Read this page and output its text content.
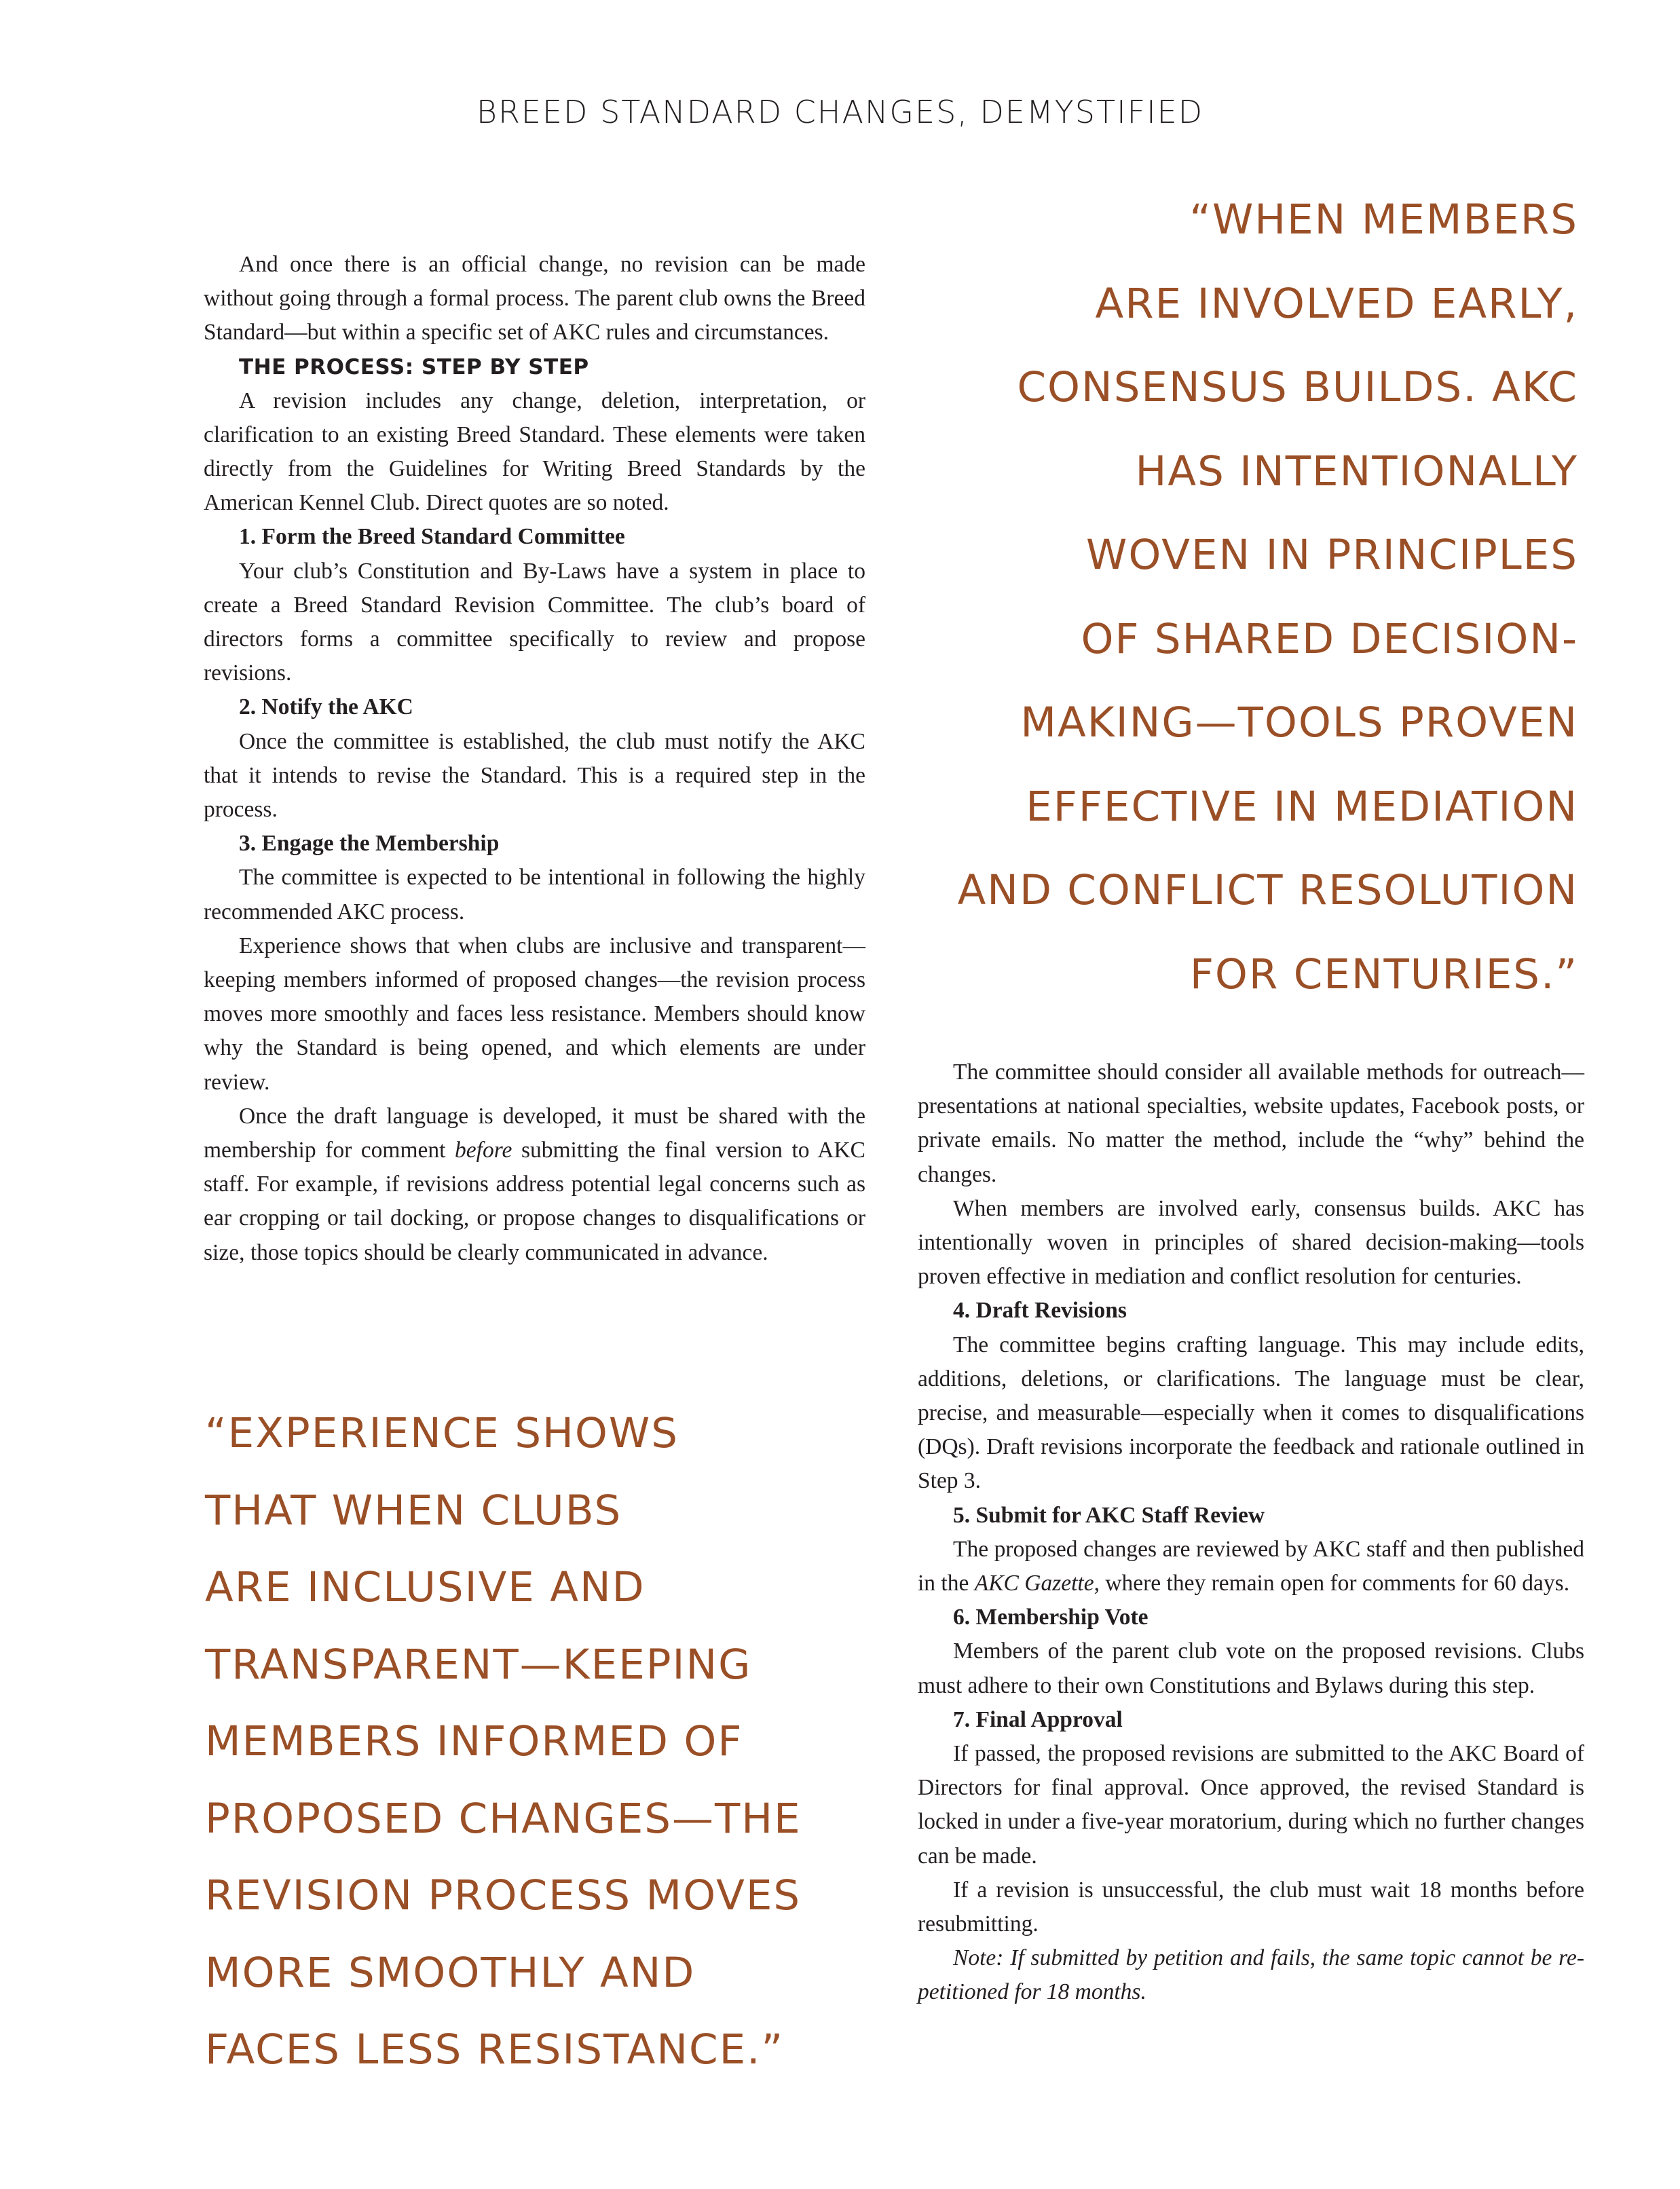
BREED STANDARD CHANGES, DEMYSTIFIED

And once there is an official change, no revision can be made without going through a formal process. The parent club owns the Breed Standard—but within a specific set of AKC rules and circumstances.

THE PROCESS: STEP BY STEP

A revision includes any change, deletion, interpretation, or clarification to an existing Breed Standard. These elements were taken directly from the Guidelines for Writing Breed Standards by the American Kennel Club. Direct quotes are so noted.

1. Form the Breed Standard Committee

Your club’s Constitution and By-Laws have a system in place to create a Breed Standard Revision Committee. The club’s board of directors forms a committee specifically to review and propose revisions.

2. Notify the AKC

Once the committee is established, the club must notify the AKC that it intends to revise the Standard. This is a required step in the process.

3. Engage the Membership

The committee is expected to be intentional in following the highly recommended AKC process.

Experience shows that when clubs are inclusive and transparent—keeping members informed of proposed changes—the revision process moves more smoothly and faces less resistance. Members should know why the Standard is being opened, and which elements are under review.

Once the draft language is developed, it must be shared with the membership for comment before submitting the final version to AKC staff. For example, if revisions address potential legal concerns such as ear cropping or tail docking, or propose changes to disqualifications or size, those topics should be clearly communicated in advance.

“WHEN MEMBERS
ARE INVOLVED EARLY,
CONSENSUS BUILDS. AKC
HAS INTENTIONALLY
WOVEN IN PRINCIPLES
OF SHARED DECISION-
MAKING—TOOLS PROVEN
EFFECTIVE IN MEDIATION
AND CONFLICT RESOLUTION
FOR CENTURIES.”

The committee should consider all available methods for outreach—presentations at national specialties, website updates, Facebook posts, or private emails. No matter the method, include the “why” behind the changes.

When members are involved early, consensus builds. AKC has intentionally woven in principles of shared decision-making—tools proven effective in mediation and conflict resolution for centuries.

4. Draft Revisions

The committee begins crafting language. This may include edits, additions, deletions, or clarifications. The language must be clear, precise, and measurable—especially when it comes to disqualifications (DQs). Draft revisions incorporate the feedback and rationale outlined in Step 3.

5. Submit for AKC Staff Review

The proposed changes are reviewed by AKC staff and then published in the AKC Gazette, where they remain open for comments for 60 days.

6. Membership Vote

Members of the parent club vote on the proposed revisions. Clubs must adhere to their own Constitutions and Bylaws during this step.

7. Final Approval

If passed, the proposed revisions are submitted to the AKC Board of Directors for final approval. Once approved, the revised Standard is locked in under a five-year moratorium, during which no further changes can be made.

If a revision is unsuccessful, the club must wait 18 months before resubmitting.

Note: If submitted by petition and fails, the same topic cannot be re-petitioned for 18 months.

“EXPERIENCE SHOWS
THAT WHEN CLUBS
ARE INCLUSIVE AND
TRANSPARENT—KEEPING
MEMBERS INFORMED OF
PROPOSED CHANGES—THE
REVISION PROCESS MOVES
MORE SMOOTHLY AND
FACES LESS RESISTANCE.”
